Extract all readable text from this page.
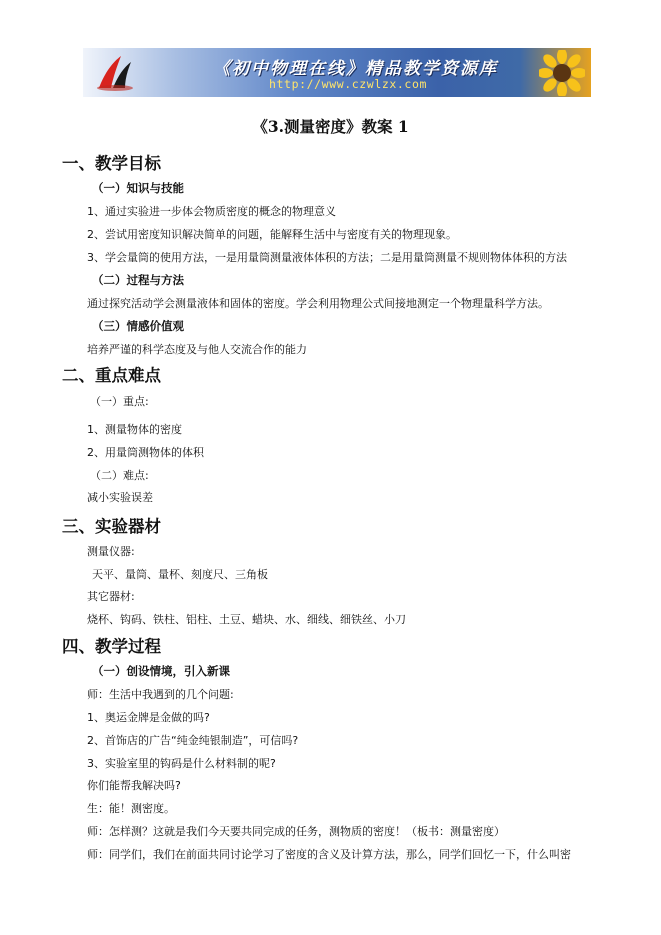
《初中物理在线》精品教学资源库
http://www.czwlzx.com
《3.测量密度》教案 1
一、教学目标
（一）知识与技能
1、通过实验进一步体会物质密度的概念的物理意义
2、尝试用密度知识解决简单的问题，能解释生活中与密度有关的物理现象。
3、学会量筒的使用方法，一是用量筒测量液体体积的方法；二是用量筒测量不规则物体体积的方法
（二）过程与方法
通过探究活动学会测量液体和固体的密度。学会利用物理公式间接地测定一个物理量科学方法。
（三）情感价值观
培养严谨的科学态度及与他人交流合作的能力
二、重点难点
（一）重点:
1、测量物体的密度
2、用量筒测物体的体积
（二）难点:
减小实验误差
三、实验器材
测量仪器:
天平、量筒、量杯、刻度尺、三角板
其它器材:
烧杯、钩码、铁柱、铝柱、土豆、蜡块、水、细线、细铁丝、小刀
四、教学过程
（一）创设情境，引入新课
师：生活中我遇到的几个问题:
1、奥运金牌是金做的吗?
2、首饰店的广告“纯金纯银制造”，可信吗?
3、实验室里的钩码是什么材料制的呢?
你们能帮我解决吗?
生：能！测密度。
师：怎样测？这就是我们今天要共同完成的任务，测物质的密度！（板书：测量密度）
师：同学们，我们在前面共同讨论学习了密度的含义及计算方法，那么，同学们回忆一下，什么叫密
